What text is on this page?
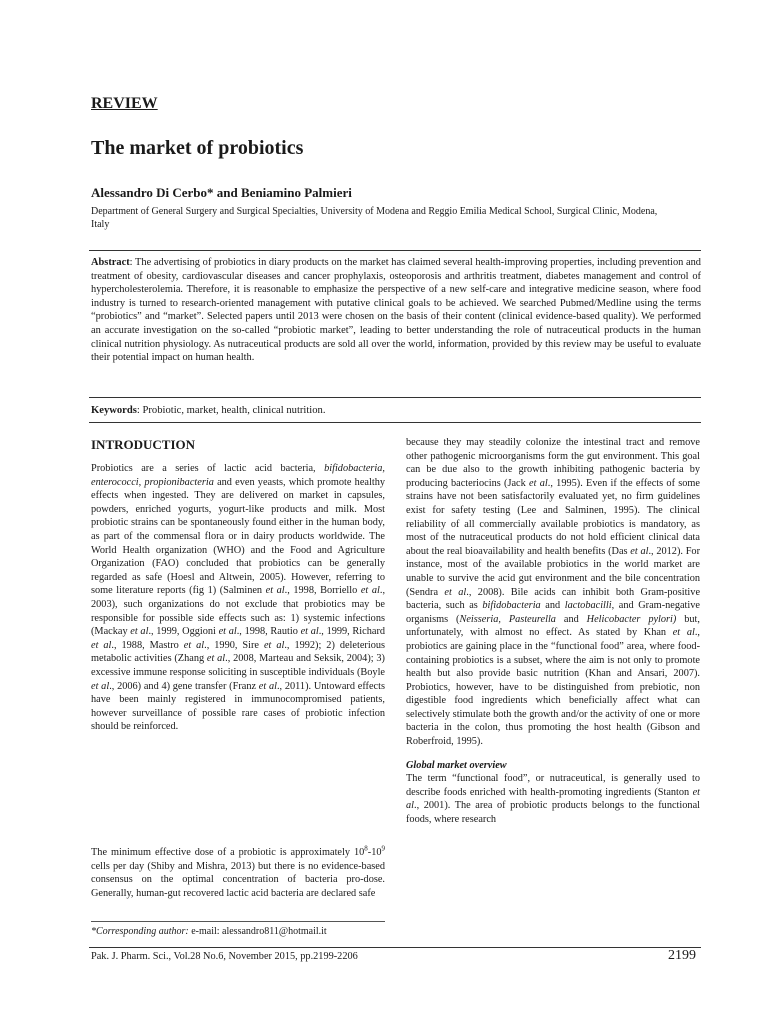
REVIEW
The market of probiotics
Alessandro Di Cerbo* and Beniamino Palmieri
Department of General Surgery and Surgical Specialties, University of Modena and Reggio Emilia Medical School, Surgical Clinic, Modena, Italy
Abstract: The advertising of probiotics in diary products on the market has claimed several health-improving properties, including prevention and treatment of obesity, cardiovascular diseases and cancer prophylaxis, osteoporosis and arthritis treatment, diabetes management and control of hypercholesterolemia. Therefore, it is reasonable to emphasize the perspective of a new self-care and integrative medicine season, where food industry is turned to research-oriented management with putative clinical goals to be achieved. We searched Pubmed/Medline using the terms “probiotics” and “market”. Selected papers until 2013 were chosen on the basis of their content (clinical evidence-based quality). We performed an accurate investigation on the so-called “probiotic market”, leading to better understanding the role of nutraceutical products in the human clinical nutrition physiology. As nutraceutical products are sold all over the world, information, provided by this review may be useful to evaluate their potential impact on human health.
Keywords: Probiotic, market, health, clinical nutrition.
INTRODUCTION

Probiotics are a series of lactic acid bacteria, bifidobacteria, enterococci, propionibacteria and even yeasts, which promote healthy effects when ingested. They are delivered on market in capsules, powders, enriched yogurts, yogurt-like products and milk. Most probiotic strains can be spontaneously found either in the human body, as part of the commensal flora or in dairy products worldwide. The World Health organization (WHO) and the Food and Agriculture Organization (FAO) concluded that probiotics can be generally regarded as safe (Hoesl and Altwein, 2005). However, referring to some literature reports (fig 1) (Salminen et al., 1998, Borriello et al., 2003), such organizations do not exclude that probiotics may be responsible for possible side effects such as: 1) systemic infections (Mackay et al., 1999, Oggioni et al., 1998, Rautio et al., 1999, Richard et al., 1988, Mastro et al., 1990, Sire et al., 1992); 2) deleterious metabolic activities (Zhang et al., 2008, Marteau and Seksik, 2004); 3) excessive immune response soliciting in susceptible individuals (Boyle et al., 2006) and 4) gene transfer (Franz et al., 2011). Untoward effects have been mainly registered in immunocompromised patients, however surveillance of possible rare cases of probiotic infection should be reinforced.

The minimum effective dose of a probiotic is approximately $10^8-10^9$ cells per day (Shiby and Mishra, 2013) but there is no evidence-based consensus on the optimal concentration of bacteria pro-dose. Generally, human-gut recovered lactic acid bacteria are declared safe

*Corresponding author: e-mail: alessandro811@hotmail.it

because they may steadily colonize the intestinal tract and remove other pathogenic microorganisms form the gut environment. This goal can be due also to the growth inhibiting pathogenic bacteria by producing bacteriocins (Jack et al., 1995). Even if the effects of some strains have not been satisfactorily evaluated yet, no firm guidelines exist for safety testing (Lee and Salminen, 1995). The clinical reliability of all commercially available probiotics is mandatory, as most of the nutraceutical products do not hold efficient clinical data about the real bioavailability and health benefits (Das et al., 2012). For instance, most of the available probiotics in the world market are unable to survive the acid gut environment and the bile concentration (Sendra et al., 2008). Bile acids can inhibit both Gram-positive bacteria, such as bifidobacteria and lactobacilli, and Gram-negative organisms (Neisseria, Pasteurella and Helicobacter pylori) but, unfortunately, with almost no effect. As stated by Khan et al., probiotics are gaining place in the “functional food” area, where food-containing probiotics is a subset, where the aim is not only to promote health but also provide basic nutrition (Khan and Ansari, 2007). Probiotics, however, have to be distinguished from prebiotic, non digestible food ingredients which beneficially affect what can selectively stimulate both the growth and/or the activity of one or more bacteria in the colon, thus promoting the host health (Gibson and Roberfroid, 1995).

Global market overview

The term “functional food”, or nutraceutical, is generally used to describe foods enriched with health-promoting ingredients (Stanton et al., 2001). The area of probiotic products belongs to the functional foods, where research

Pak. J. Pharm. Sci., Vol.28 No.6, November 2015, pp.2199-2206	2199
